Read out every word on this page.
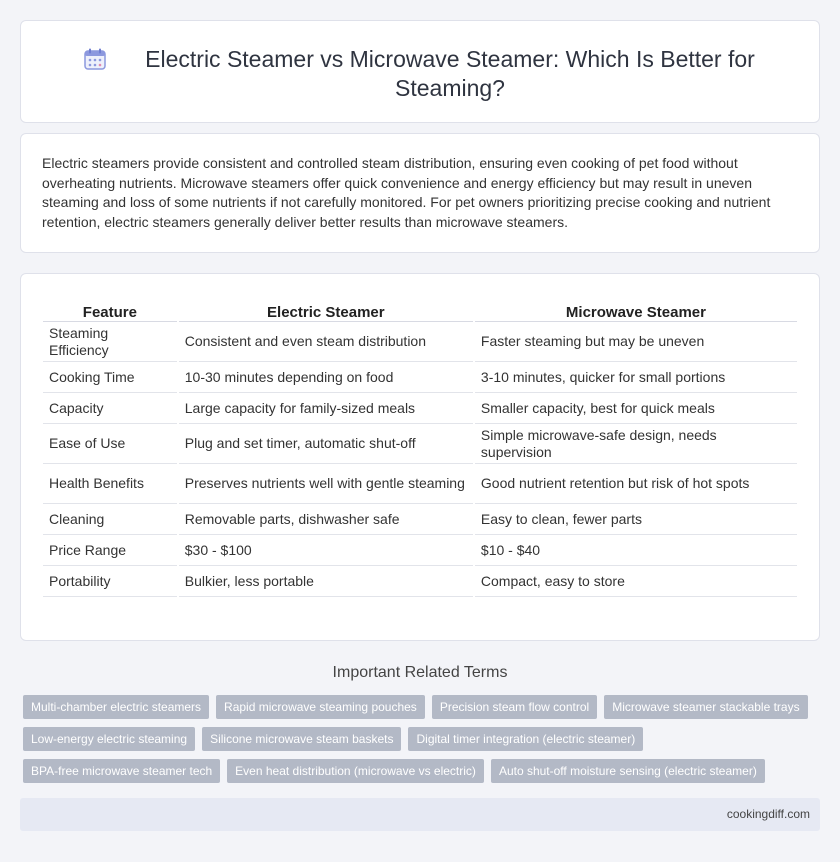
Electric Steamer vs Microwave Steamer: Which Is Better for Steaming?

Electric steamers provide consistent and controlled steam distribution, ensuring even cooking of pet food without overheating nutrients. Microwave steamers offer quick convenience and energy efficiency but may result in uneven steaming and loss of some nutrients if not carefully monitored. For pet owners prioritizing precise cooking and nutrient retention, electric steamers generally deliver better results than microwave steamers.

Feature	Electric Steamer	Microwave Steamer
Steaming Efficiency	Consistent and even steam distribution	Faster steaming but may be uneven
Cooking Time	10-30 minutes depending on food	3-10 minutes, quicker for small portions
Capacity	Large capacity for family-sized meals	Smaller capacity, best for quick meals
Ease of Use	Plug and set timer, automatic shut-off	Simple microwave-safe design, needs supervision
Health Benefits	Preserves nutrients well with gentle steaming	Good nutrient retention but risk of hot spots
Cleaning	Removable parts, dishwasher safe	Easy to clean, fewer parts
Price Range	$30 - $100	$10 - $40
Portability	Bulkier, less portable	Compact, easy to store
Important Related Terms
Multi-chamber electric steamers	Rapid microwave steaming pouches	Precision steam flow control	Microwave steamer stackable trays
Low-energy electric steaming	Silicone microwave steam baskets	Digital timer integration (electric steamer)
BPA-free microwave steamer tech	Even heat distribution (microwave vs electric)	Auto shut-off moisture sensing (electric steamer)
cookingdiff.com
